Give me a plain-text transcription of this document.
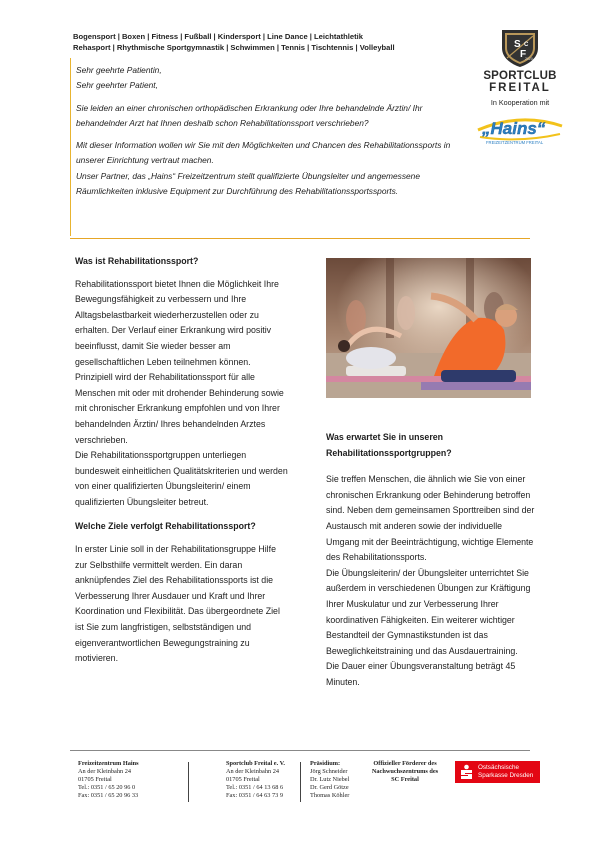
Bogensport | Boxen | Fitness | Fußball | Kindersport | Line Dance | Leichtathletik
Rehasport | Rhythmische Sportgymnastik | Schwimmen | Tennis | Tischtennis | Volleyball	S
F
C
2020
SPORTCLUB
FREITAL
In Kooperation mit
„Hains“
FREIZEITZENTRUM FREITAL

Sehr geehrte Patientin,
Sehr geehrter Patient,

Sie leiden an einer chronischen orthopädischen Erkrankung oder Ihre behandelnde Ärztin/ Ihr behandelnder Arzt hat Ihnen deshalb schon Rehabilitationssport verschrieben?

Mit dieser Information wollen wir Sie mit den Möglichkeiten und Chancen des Rehabilitationssports in unserer Einrichtung vertraut machen.
Unser Partner, das „Hains“ Freizeitzentrum stellt qualifizierte Übungsleiter und angemessene Räumlichkeiten inklusive Equipment zur Durchführung des Rehabilitationssportssports.

Was ist Rehabilitationssport?

Rehabilitationssport bietet Ihnen die Möglichkeit Ihre Bewegungsfähigkeit zu verbessern und Ihre Alltagsbelastbarkeit wiederherzustellen oder zu erhalten. Der Verlauf einer Erkrankung wird positiv beeinflusst, damit Sie wieder besser am gesellschaftlichen Leben teilnehmen können. Prinzipiell wird der Rehabilitationssport für alle Menschen mit oder mit drohender Behinderung sowie mit chronischer Erkrankung empfohlen und von Ihrer behandelnden Ärztin/ Ihres behandelnden Arztes verschrieben.

Die Rehabilitationssportgruppen unterliegen bundesweit einheitlichen Qualitätskriterien und werden von einer qualifizierten Übungsleiterin/ einem qualifizierten Übungsleiter betreut.

Welche Ziele verfolgt Rehabilitationssport?

In erster Linie soll in der Rehabilitationsgruppe Hilfe zur Selbsthilfe vermittelt werden. Ein daran anknüpfendes Ziel des Rehabilitationssports ist die Verbesserung Ihrer Ausdauer und Kraft und Ihrer Koordination und Flexibilität. Das übergeordnete Ziel ist Sie zum langfristigen, selbstständigen und eigenverantwortlichen Bewegungstraining zu motivieren.

Was erwartet Sie in unseren Rehabilitationssportgruppen?

Sie treffen Menschen, die ähnlich wie Sie von einer chronischen Erkrankung oder Behinderung betroffen sind. Neben dem gemeinsamen Sporttreiben sind der Austausch mit anderen sowie der individuelle Umgang mit der Beeinträchtigung, wichtige Elemente des Rehabilitationssports.

Die Übungsleiterin/ der Übungsleiter unterrichtet Sie außerdem in verschiedenen Übungen zur Kräftigung Ihrer Muskulatur und zur Verbesserung Ihrer koordinativen Fähigkeiten. Ein weiterer wichtiger Bestandteil der Gymnastikstunden ist das Beweglichkeitstraining und das Ausdauertraining.

Die Dauer einer Übungsveranstaltung beträgt 45 Minuten.

Freizeitzentrum Hains
An der Kleinbahn 24
01705 Freital
Tel.: 0351 / 65 20 96 0
Fax: 0351 / 65 20 96 33
Sportclub Freital e. V.
An der Kleinbahn 24
01705 Freital
Tel.: 0351 / 64 13 68 6
Fax: 0351 / 64 63 73 9
Präsidium:
Jörg Schneider
Dr. Lutz Niebel
Dr. Gerd Götze
Thomas Köhler
Offizieller Förderer des
Nachwuchszentrums des
SC Freital
Ostsächsische
Sparkasse Dresden
